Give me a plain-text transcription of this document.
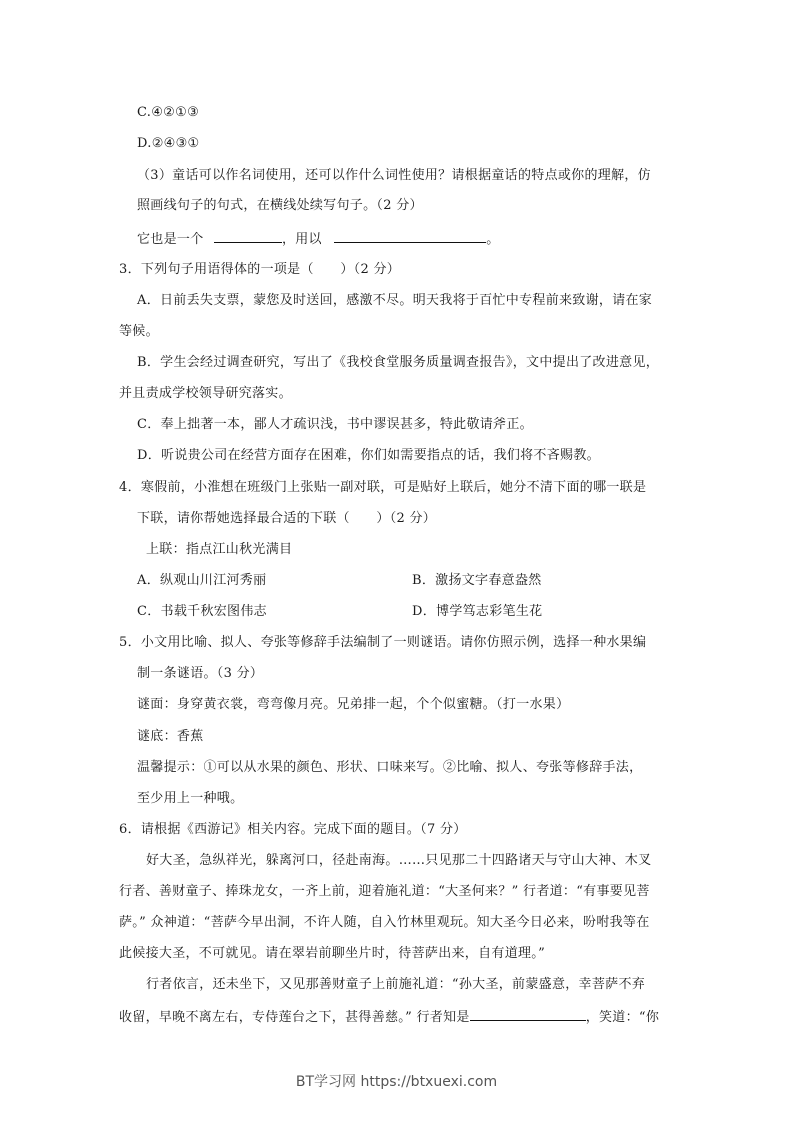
C.④②①③
D.②④③①
（3）童话可以作名词使用，还可以作什么词性使用？请根据童话的特点或你的理解，仿
照画线句子的句式，在横线处续写句子。（2 分）
它也是一个	，用以	。
3．下列句子用语得体的一项是（　　）（2 分）
A．日前丢失支票，蒙您及时送回，感激不尽。明天我将于百忙中专程前来致谢，请在家
等候。
B．学生会经过调查研究，写出了《我校食堂服务质量调查报告》，文中提出了改进意见，
并且责成学校领导研究落实。
C．奉上拙著一本，鄙人才疏识浅，书中谬误甚多，特此敬请斧正。
D．听说贵公司在经营方面存在困难，你们如需要指点的话，我们将不吝赐教。
4．寒假前，小淮想在班级门上张贴一副对联，可是贴好上联后，她分不清下面的哪一联是
下联，请你帮她选择最合适的下联（　　）（2 分）
上联：指点江山秋光满目
A．纵观山川江河秀丽	B．激扬文字春意盎然
C．书载千秋宏图伟志	D．博学笃志彩笔生花
5．小文用比喻、拟人、夸张等修辞手法编制了一则谜语。请你仿照示例，选择一种水果编
制一条谜语。（3 分）
谜面：身穿黄衣裳，弯弯像月亮。兄弟排一起，个个似蜜糖。（打一水果）
谜底：香蕉
温馨提示：①可以从水果的颜色、形状、口味来写。②比喻、拟人、夸张等修辞手法，
至少用上一种哦。
6．请根据《西游记》相关内容。完成下面的题目。（7 分）
好大圣，急纵祥光，躲离河口，径赴南海。……只见那二十四路诸天与守山大神、木叉
行者、善财童子、捧珠龙女，一齐上前，迎着施礼道：“大圣何来？” 行者道：“有事要见菩
萨。” 众神道：“菩萨今早出洞，不许人随，自入竹林里观玩。知大圣今日必来，吩咐我等在
此候接大圣，不可就见。请在翠岩前聊坐片时，待菩萨出来，自有道理。”
行者依言，还未坐下，又见那善财童子上前施礼道：“孙大圣，前蒙盛意，幸菩萨不弃
收留，早晚不离左右，专侍莲台之下，甚得善慈。” 行者知是	，笑道：“你
BT学习网 https://btxuexi.com
